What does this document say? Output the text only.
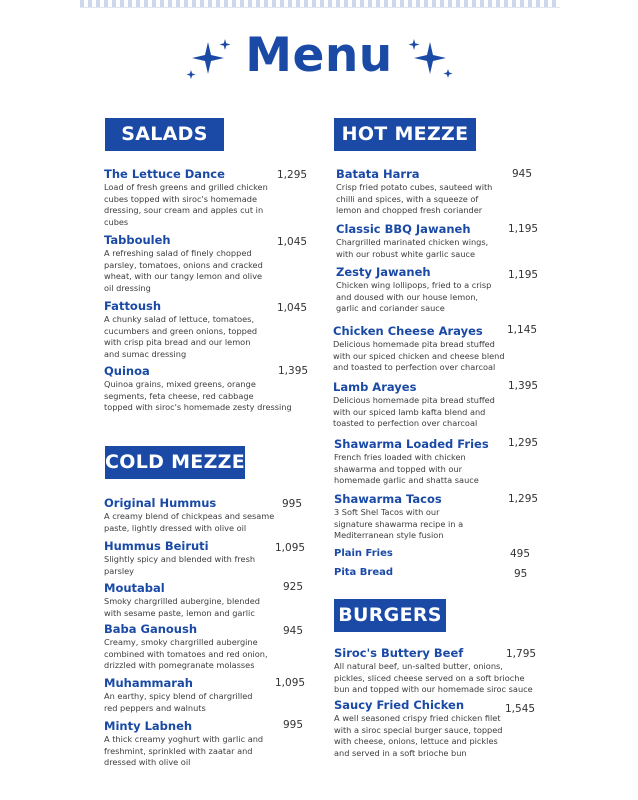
Menu
SALADS
The Lettuce Dance
Load of fresh greens and grilled chicken
cubes topped with siroc's homemade
dressing, sour cream and apples cut in
cubes
1,295
Tabbouleh
A refreshing salad of finely chopped
parsley, tomatoes, onions and cracked
wheat, with our tangy lemon and olive
oil dressing
1,045
Fattoush
A chunky salad of lettuce, tomatoes,
cucumbers and green onions, topped
with crisp pita bread and our lemon
and sumac dressing
1,045
Quinoa
Quinoa grains, mixed greens, orange
segments, feta cheese, red cabbage
topped with siroc's homemade zesty dressing
1,395
COLD MEZZE
Original Hummus
A creamy blend of chickpeas and sesame
paste, lightly dressed with olive oil
995
Hummus Beiruti
Slightly spicy and blended with fresh
parsley
1,095
Moutabal
Smoky chargrilled aubergine, blended
with sesame paste, lemon and garlic
925
Baba Ganoush
Creamy, smoky chargrilled aubergine
combined with tomatoes and red onion,
drizzled with pomegranate molasses
945
Muhammarah
An earthy, spicy blend of chargrilled
red peppers and walnuts
1,095
Minty Labneh
A thick creamy yoghurt with garlic and
freshmint, sprinkled with zaatar and
dressed with olive oil
995
HOT MEZZE
Batata Harra
Crisp fried potato cubes, sauteed with
chilli and spices, with a squeeze of
lemon and chopped fresh coriander
945
Classic BBQ Jawaneh
Chargrilled marinated chicken wings,
with our robust white garlic sauce
1,195
Zesty Jawaneh
Chicken wing lollipops, fried to a crisp
and doused with our house lemon,
garlic and coriander sauce
1,195
Chicken Cheese Arayes
Delicious homemade pita bread stuffed
with our spiced chicken and cheese blend
and toasted to perfection over charcoal
1,145
Lamb Arayes
Delicious homemade pita bread stuffed
with our spiced lamb kafta blend and
toasted to perfection over charcoal
1,395
Shawarma Loaded Fries
French fries loaded with chicken
shawarma and topped with our
homemade garlic and shatta sauce
1,295
Shawarma Tacos
3 Soft Shel Tacos with our
signature shawarma recipe in a
Mediterranean style fusion
1,295
Plain Fries	495
Pita Bread	95
BURGERS
Siroc's Buttery Beef
All natural beef, un-salted butter, onions,
pickles, sliced cheese served on a soft brioche
bun and topped with our homemade siroc sauce
1,795
Saucy Fried Chicken
A well seasoned crispy fried chicken filet
with a siroc special burger sauce, topped
with cheese, onions, lettuce and pickles
and served in a soft brioche bun
1,545
